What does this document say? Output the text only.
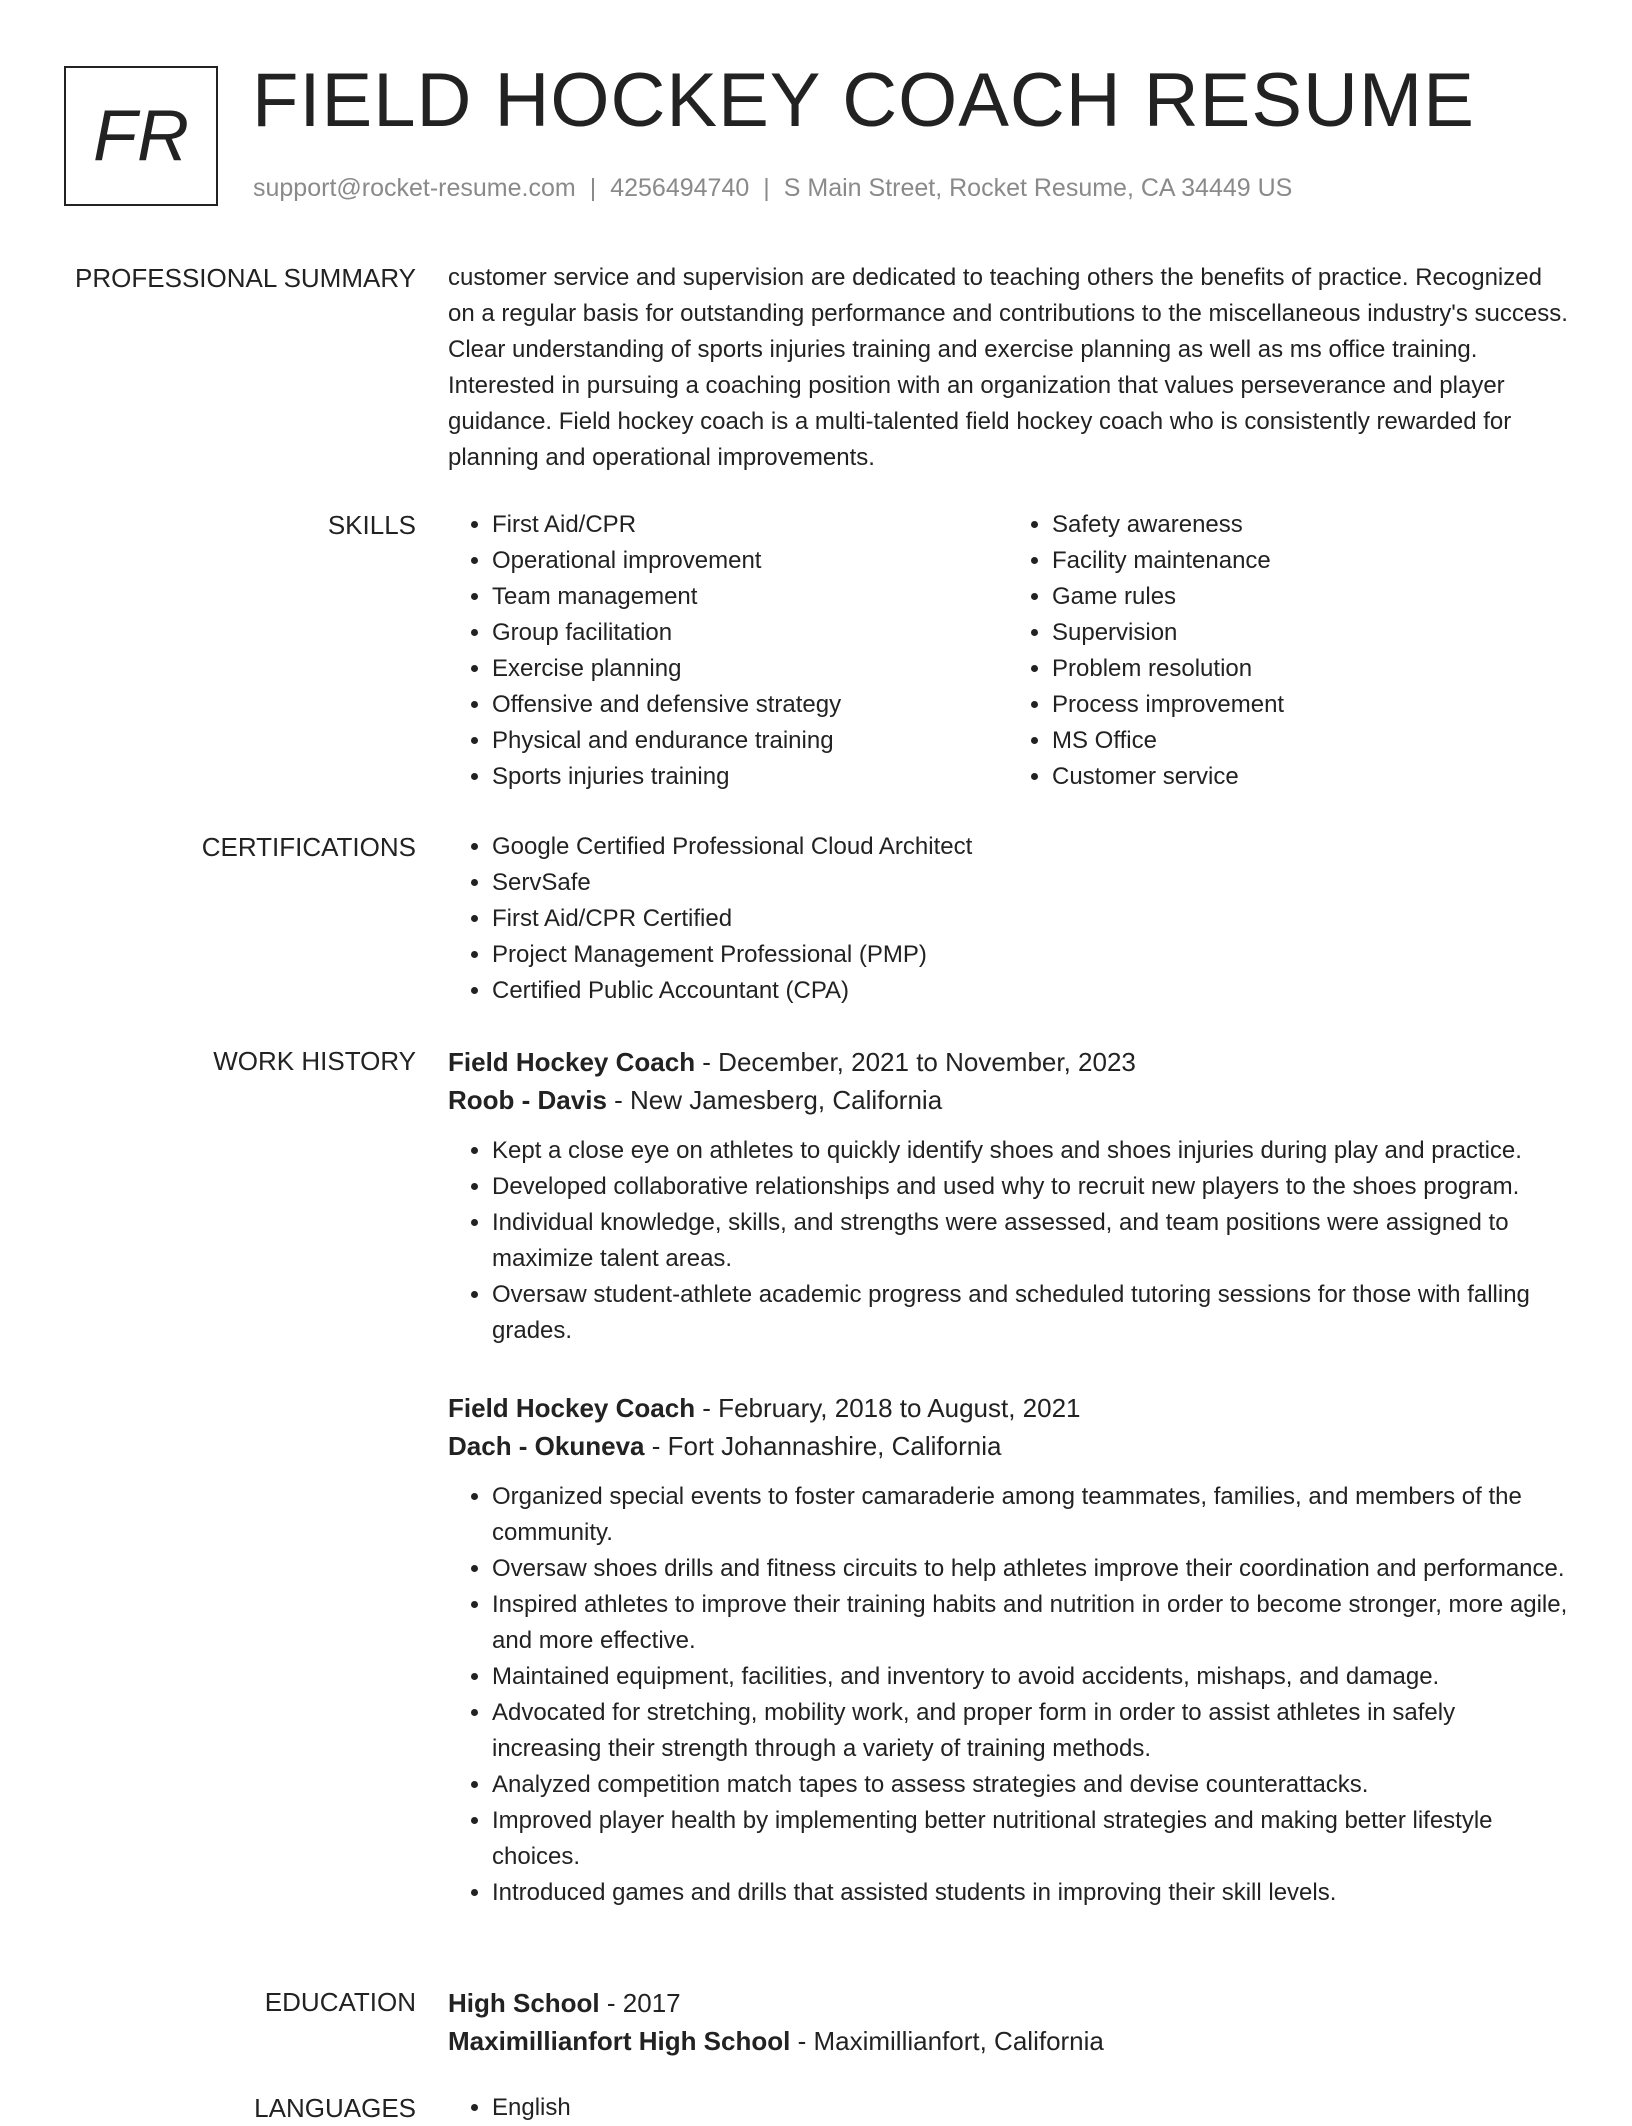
FR FIELD HOCKEY COACH RESUME
support@rocket-resume.com | 4256494740 | S Main Street, Rocket Resume, CA 34449 US
PROFESSIONAL SUMMARY customer service and supervision are dedicated to teaching others the benefits of practice. Recognized on a regular basis for outstanding performance and contributions to the miscellaneous industry's success. Clear understanding of sports injuries training and exercise planning as well as ms office training. Interested in pursuing a coaching position with an organization that values perseverance and player guidance. Field hockey coach is a multi-talented field hockey coach who is consistently rewarded for planning and operational improvements.

SKILLS	• First Aid/CPR
• Operational improvement
• Team management
• Group facilitation
• Exercise planning
• Offensive and defensive strategy
• Physical and endurance training
• Sports injuries training
• Safety awareness
• Facility maintenance
• Game rules
• Supervision
• Problem resolution
• Process improvement
• MS Office
• Customer service
CERTIFICATIONS	• Google Certified Professional Cloud Architect
• ServSafe
• First Aid/CPR Certified
• Project Management Professional (PMP)
• Certified Public Accountant (CPA)
WORK HISTORY Field Hockey Coach - December, 2021 to November, 2023
Roob - Davis - New Jamesberg, California
• Kept a close eye on athletes to quickly identify shoes and shoes injuries during play and practice.
• Developed collaborative relationships and used why to recruit new players to the shoes program.
• Individual knowledge, skills, and strengths were assessed, and team positions were assigned to maximize talent areas.
• Oversaw student-athlete academic progress and scheduled tutoring sessions for those with falling grades.
Field Hockey Coach - February, 2018 to August, 2021
Dach - Okuneva - Fort Johannashire, California
• Organized special events to foster camaraderie among teammates, families, and members of the community.
• Oversaw shoes drills and fitness circuits to help athletes improve their coordination and performance.
• Inspired athletes to improve their training habits and nutrition in order to become stronger, more agile, and more effective.
• Maintained equipment, facilities, and inventory to avoid accidents, mishaps, and damage.
• Advocated for stretching, mobility work, and proper form in order to assist athletes in safely increasing their strength through a variety of training methods.
• Analyzed competition match tapes to assess strategies and devise counterattacks.
• Improved player health by implementing better nutritional strategies and making better lifestyle choices.
• Introduced games and drills that assisted students in improving their skill levels.
EDUCATION High School - 2017
Maximillianfort High School - Maximillianfort, California
LANGUAGES	• English
